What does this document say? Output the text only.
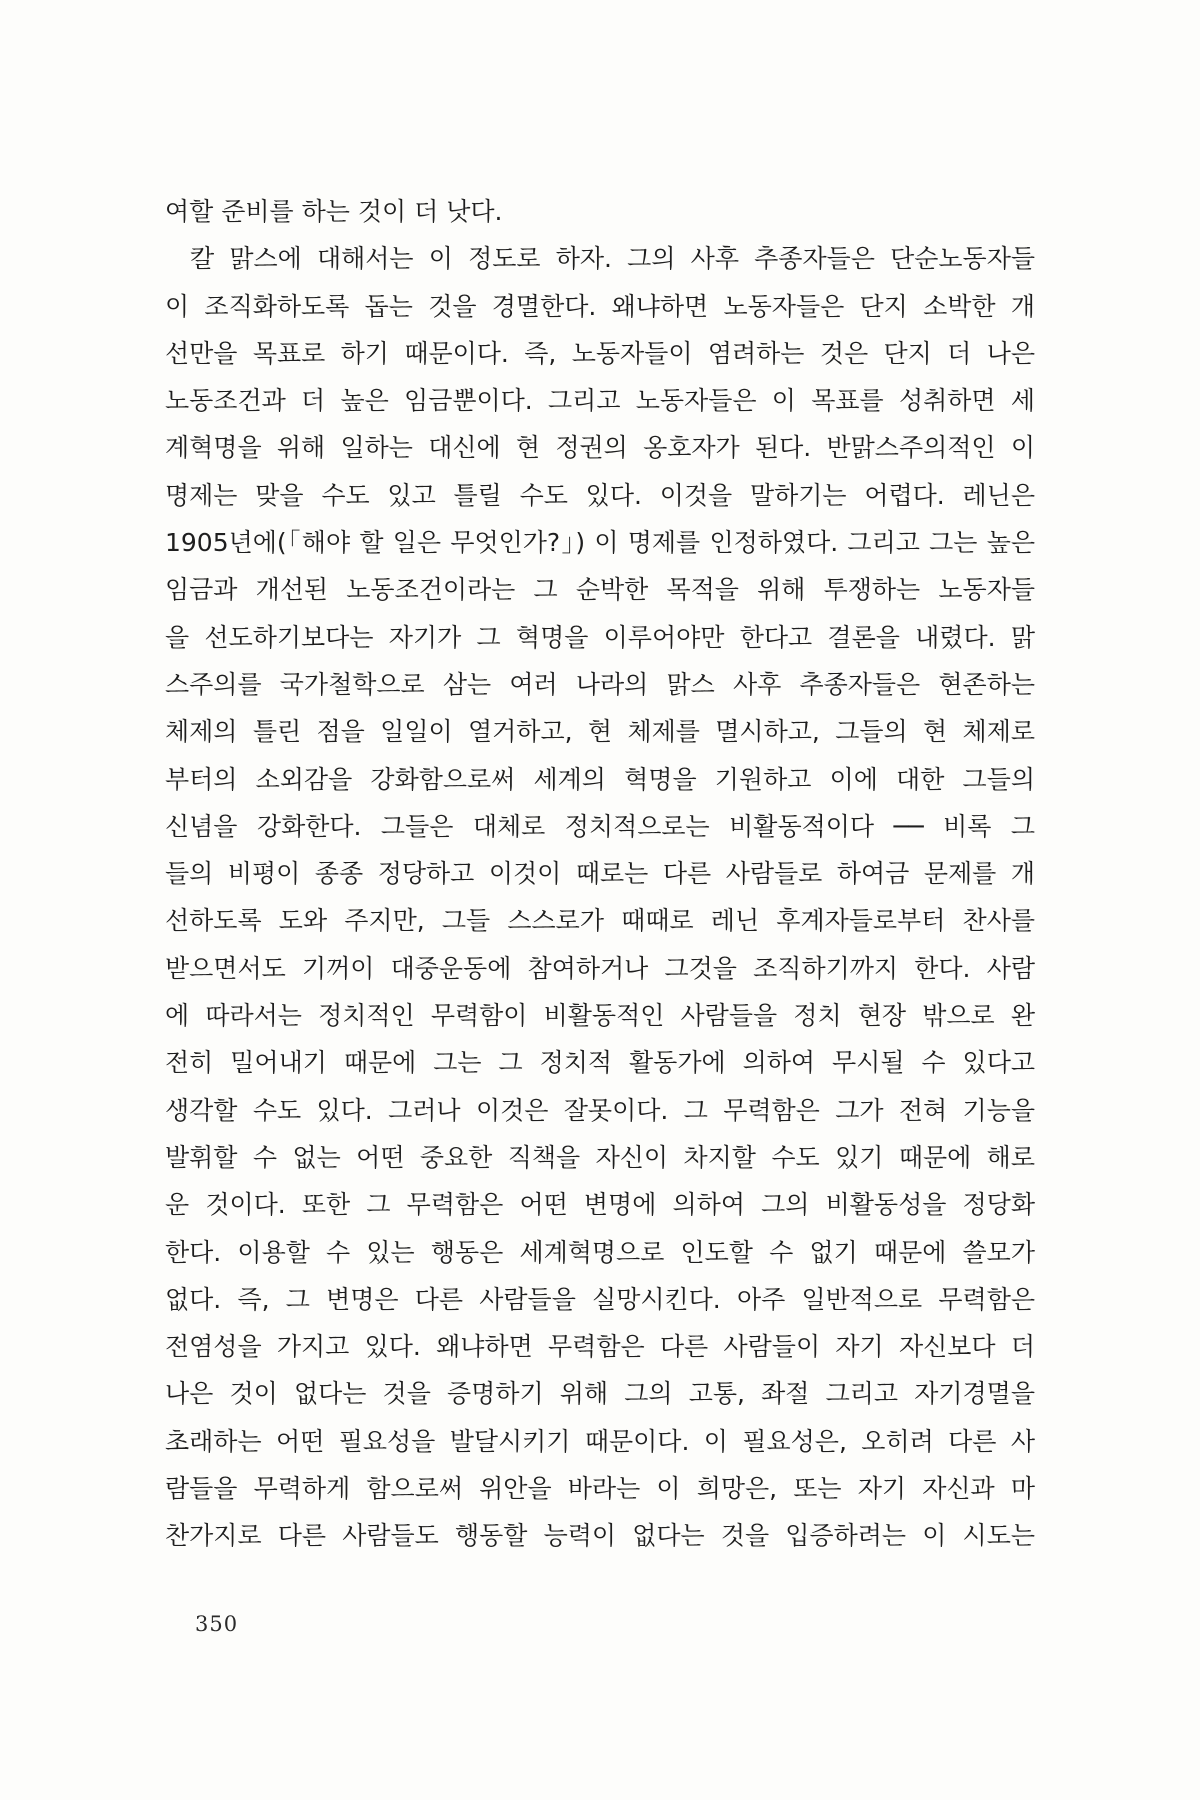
여할 준비를 하는 것이 더 낫다.
칼 맑스에 대해서는 이 정도로 하자. 그의 사후 추종자들은 단순노동자들
이 조직화하도록 돕는 것을 경멸한다. 왜냐하면 노동자들은 단지 소박한 개
선만을 목표로 하기 때문이다. 즉, 노동자들이 염려하는 것은 단지 더 나은
노동조건과 더 높은 임금뿐이다. 그리고 노동자들은 이 목표를 성취하면 세
계혁명을 위해 일하는 대신에 현 정권의 옹호자가 된다. 반맑스주의적인 이
명제는 맞을 수도 있고 틀릴 수도 있다. 이것을 말하기는 어렵다. 레닌은
1905년에(「해야 할 일은 무엇인가?」) 이 명제를 인정하였다. 그리고 그는 높은
임금과 개선된 노동조건이라는 그 순박한 목적을 위해 투쟁하는 노동자들
을 선도하기보다는 자기가 그 혁명을 이루어야만 한다고 결론을 내렸다. 맑
스주의를 국가철학으로 삼는 여러 나라의 맑스 사후 추종자들은 현존하는
체제의 틀린 점을 일일이 열거하고, 현 체제를 멸시하고, 그들의 현 체제로
부터의 소외감을 강화함으로써 세계의 혁명을 기원하고 이에 대한 그들의
신념을 강화한다. 그들은 대체로 정치적으로는 비활동적이다 ── 비록 그
들의 비평이 종종 정당하고 이것이 때로는 다른 사람들로 하여금 문제를 개
선하도록 도와 주지만, 그들 스스로가 때때로 레닌 후계자들로부터 찬사를
받으면서도 기꺼이 대중운동에 참여하거나 그것을 조직하기까지 한다. 사람
에 따라서는 정치적인 무력함이 비활동적인 사람들을 정치 현장 밖으로 완
전히 밀어내기 때문에 그는 그 정치적 활동가에 의하여 무시될 수 있다고
생각할 수도 있다. 그러나 이것은 잘못이다. 그 무력함은 그가 전혀 기능을
발휘할 수 없는 어떤 중요한 직책을 자신이 차지할 수도 있기 때문에 해로
운 것이다. 또한 그 무력함은 어떤 변명에 의하여 그의 비활동성을 정당화
한다. 이용할 수 있는 행동은 세계혁명으로 인도할 수 없기 때문에 쓸모가
없다. 즉, 그 변명은 다른 사람들을 실망시킨다. 아주 일반적으로 무력함은
전염성을 가지고 있다. 왜냐하면 무력함은 다른 사람들이 자기 자신보다 더
나은 것이 없다는 것을 증명하기 위해 그의 고통, 좌절 그리고 자기경멸을
초래하는 어떤 필요성을 발달시키기 때문이다. 이 필요성은, 오히려 다른 사
람들을 무력하게 함으로써 위안을 바라는 이 희망은, 또는 자기 자신과 마
찬가지로 다른 사람들도 행동할 능력이 없다는 것을 입증하려는 이 시도는
350
